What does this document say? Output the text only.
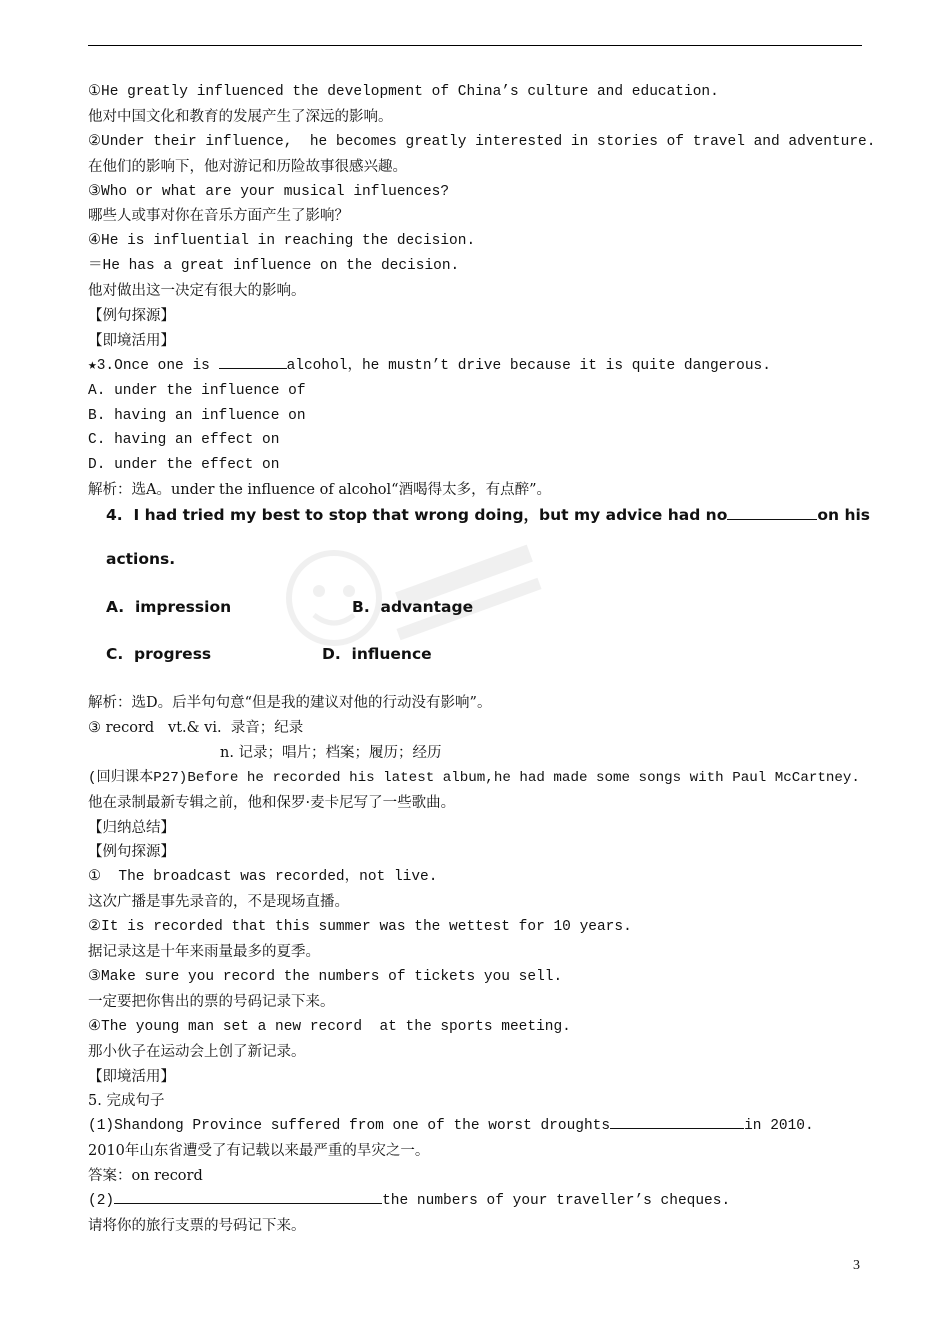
①He greatly influenced the development of China’s culture and education.
他对中国文化和教育的发展产生了深远的影响。
②Under their influence,  he becomes greatly interested in stories of travel and adventure.
在他们的影响下，他对游记和历险故事很感兴趣。
③Who or what are your musical influences?
哪些人或事对你在音乐方面产生了影响？
④He is influential in reaching the decision.
＝He has a great influence on the decision.
他对做出这一决定有很大的影响。
【例句探源】
【即境活用】
★3.Once one is	alcohol，he mustn’t drive because it is quite dangerous.
A. under the influence of
B. having an influence on
C. having an effect on
D. under the effect on
解析：选A。under the influence of alcohol“酒喝得太多，有点醉”。
4.  I had tried my best to stop that wrong doing，but my advice had no	on his
actions.
A.  impression	B.  advantage
C.  progress	D.  influence
解析：选D。后半句句意“但是我的建议对他的行动没有影响”。
③ record   vt.& vi.  录音；纪录
n. 记录；唱片；档案；履历；经历
(回归课本P27)Before he recorded his latest album,he had made some songs with Paul McCartney.
他在录制最新专辑之前，他和保罗·麦卡尼写了一些歌曲。
【归纳总结】
【例句探源】
①  The broadcast was recorded，not live.
这次广播是事先录音的，不是现场直播。
②It is recorded that this summer was the wettest for 10 years.
据记录这是十年来雨量最多的夏季。
③Make sure you record the numbers of tickets you sell.
一定要把你售出的票的号码记录下来。
④The young man set a new record  at the sports meeting.
那小伙子在运动会上创了新记录。
【即境活用】
5. 完成句子
(1)Shandong Province suffered from one of the worst droughts	in 2010.
2010年山东省遭受了有记载以来最严重的旱灾之一。
答案：on record
(2)	the numbers of your traveller’s cheques.
请将你的旅行支票的号码记下来。
3
